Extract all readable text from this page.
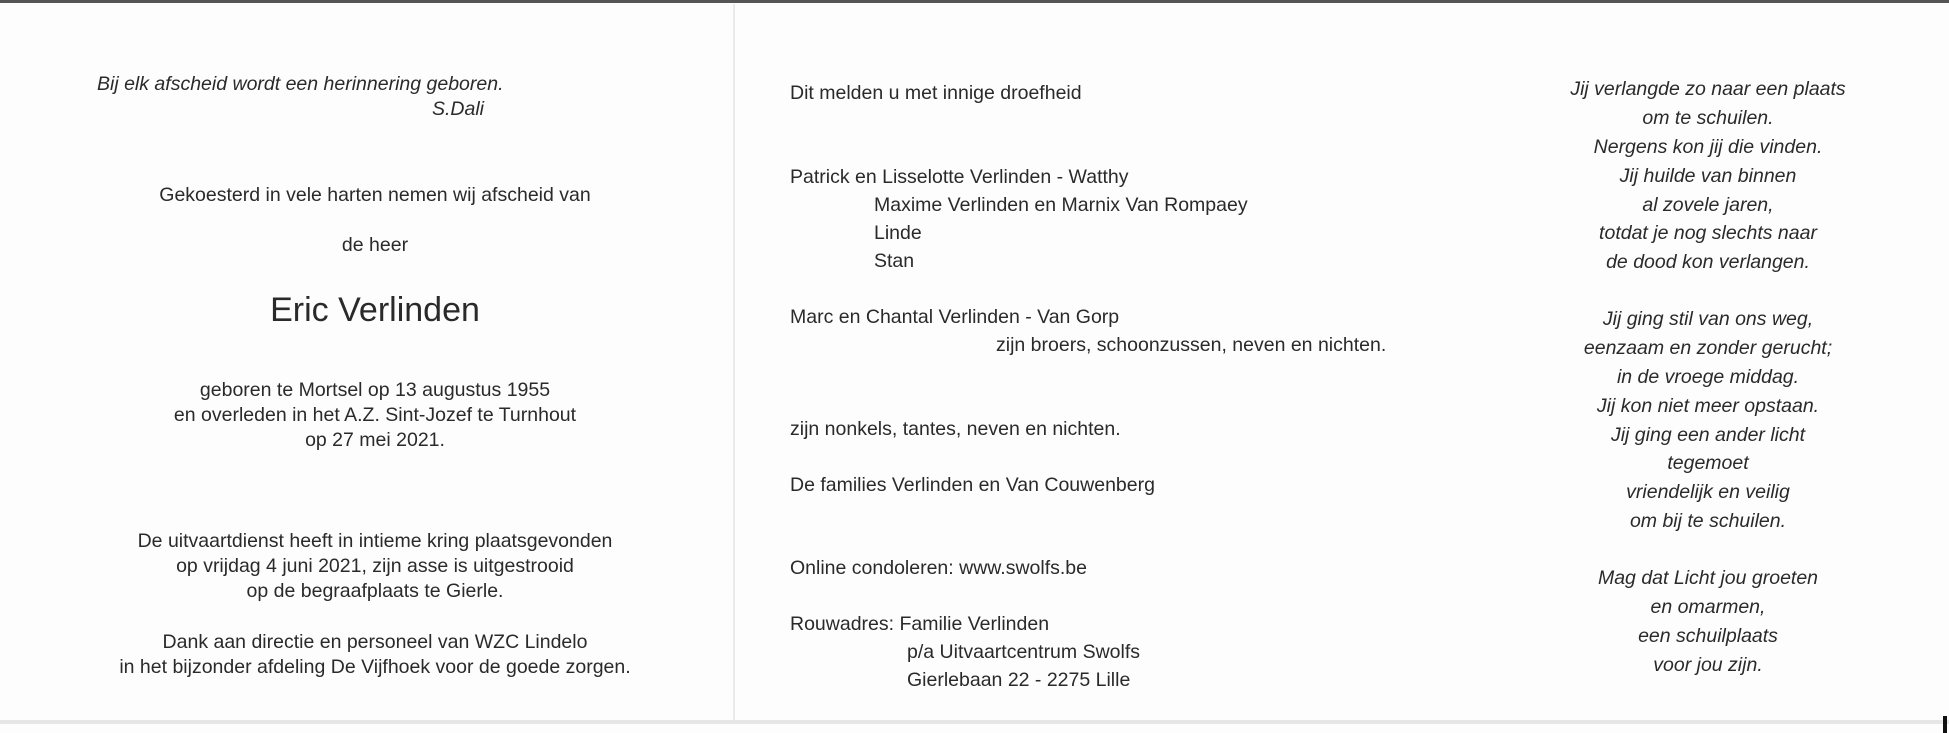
Bij elk afscheid wordt een herinnering geboren.
S.Dali
Gekoesterd in vele harten nemen wij afscheid van
de heer
Eric Verlinden
geboren te Mortsel op 13 augustus 1955
en overleden in het A.Z. Sint-Jozef te Turnhout
op 27 mei 2021.
De uitvaartdienst heeft in intieme kring plaatsgevonden
op vrijdag 4 juni 2021, zijn asse is uitgestrooid
op de begraafplaats te Gierle.
Dank aan directie en personeel van WZC Lindelo
in het bijzonder afdeling De Vijfhoek voor de goede zorgen.
Dit melden u met innige droefheid
Patrick en Lisselotte Verlinden - Watthy
Maxime Verlinden en Marnix Van Rompaey
Linde
Stan
Marc en Chantal Verlinden - Van Gorp
zijn broers, schoonzussen, neven en nichten.
zijn nonkels, tantes, neven en nichten.
De families Verlinden en Van Couwenberg
Online condoleren: www.swolfs.be
Rouwadres: Familie Verlinden
p/a Uitvaartcentrum Swolfs
Gierlebaan 22 - 2275 Lille
Jij verlangde zo naar een plaats
om te schuilen.
Nergens kon jij die vinden.
Jij huilde van binnen
al zovele jaren,
totdat je nog slechts naar
de dood kon verlangen.
Jij ging stil van ons weg,
eenzaam en zonder gerucht;
in de vroege middag.
Jij kon niet meer opstaan.
Jij ging een ander licht
tegemoet
vriendelijk en veilig
om bij te schuilen.
Mag dat Licht jou groeten
en omarmen,
een schuilplaats
voor jou zijn.
